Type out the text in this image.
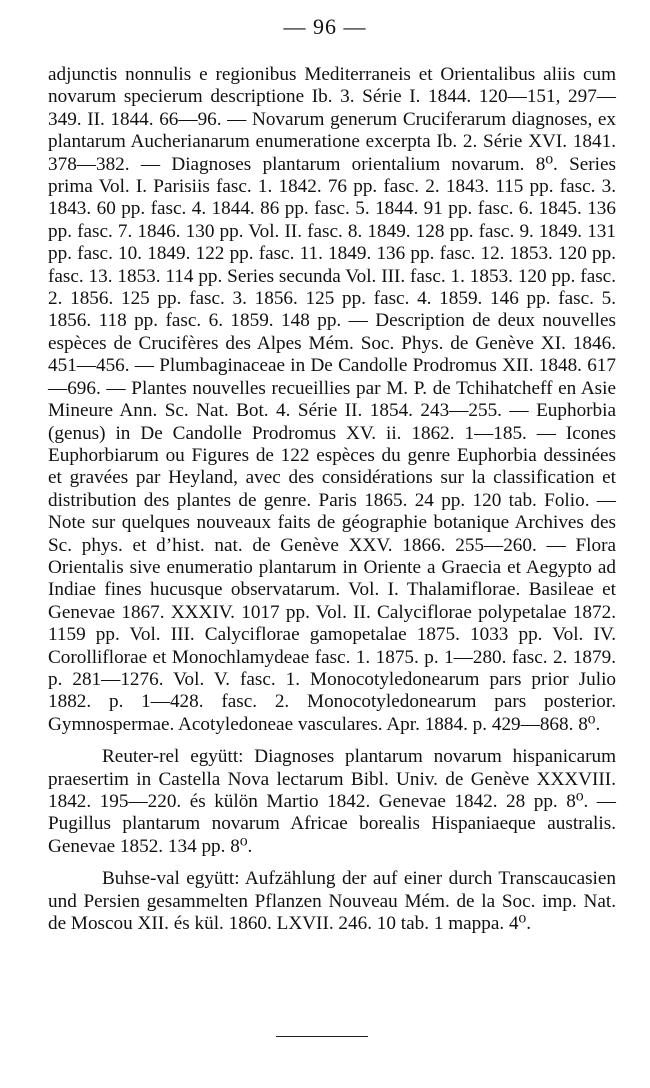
— 96 —

adjunctis nonnulis e regionibus Mediterraneis et Orientalibus aliis cum novarum specierum descriptione Ib. 3. Série I. 1844. 120—151, 297—349. II. 1844. 66—96. — Novarum generum Cruciferarum diagnoses, ex plantarum Aucherianarum enumeratione excerpta Ib. 2. Série XVI. 1841. 378—382. — Diagnoses plantarum orientalium novarum. 8⁰. Series prima Vol. I. Parisiis fasc. 1. 1842. 76 pp. fasc. 2. 1843. 115 pp. fasc. 3. 1843. 60 pp. fasc. 4. 1844. 86 pp. fasc. 5. 1844. 91 pp. fasc. 6. 1845. 136 pp. fasc. 7. 1846. 130 pp. Vol. II. fasc. 8. 1849. 128 pp. fasc. 9. 1849. 131 pp. fasc. 10. 1849. 122 pp. fasc. 11. 1849. 136 pp. fasc. 12. 1853. 120 pp. fasc. 13. 1853. 114 pp. Series secunda Vol. III. fasc. 1. 1853. 120 pp. fasc. 2. 1856. 125 pp. fasc. 3. 1856. 125 pp. fasc. 4. 1859. 146 pp. fasc. 5. 1856. 118 pp. fasc. 6. 1859. 148 pp. — Description de deux nouvelles espèces de Crucifères des Alpes Mém. Soc. Phys. de Genève XI. 1846. 451—456. — Plumbaginaceae in De Candolle Prodromus XII. 1848. 617—696. — Plantes nouvelles recueillies par M. P. de Tchihatcheff en Asie Mineure Ann. Sc. Nat. Bot. 4. Série II. 1854. 243—255. — Euphorbia (genus) in De Candolle Prodromus XV. ii. 1862. 1—185. — Icones Euphorbiarum ou Figures de 122 espèces du genre Euphorbia dessinées et gravées par Heyland, avec des considérations sur la classification et distribution des plantes de genre. Paris 1865. 24 pp. 120 tab. Folio. — Note sur quelques nouveaux faits de géographie botanique Archives des Sc. phys. et d’hist. nat. de Genève XXV. 1866. 255—260. — Flora Orientalis sive enumeratio plantarum in Oriente a Graecia et Aegypto ad Indiae fines hucusque observatarum. Vol. I. Thalamiflorae. Basileae et Genevae 1867. XXXIV. 1017 pp. Vol. II. Calyciflorae polypetalae 1872. 1159 pp. Vol. III. Calyciflorae gamopetalae 1875. 1033 pp. Vol. IV. Corolliflorae et Monochlamydeae fasc. 1. 1875. p. 1—280. fasc. 2. 1879. p. 281—1276. Vol. V. fasc. 1. Monocotyledonearum pars prior Julio 1882. p. 1—428. fasc. 2. Monocotyledonearum pars posterior. Gymnospermae. Acotyledoneae vasculares. Apr. 1884. p. 429—868. 8⁰.

Reuter-rel együtt: Diagnoses plantarum novarum hispanicarum praesertim in Castella Nova lectarum Bibl. Univ. de Genève XXXVIII. 1842. 195—220. és külön Martio 1842. Genevae 1842. 28 pp. 8⁰. — Pugillus plantarum novarum Africae borealis Hispaniaeque australis. Genevae 1852. 134 pp. 8⁰.

Buhse-val együtt: Aufzählung der auf einer durch Transcaucasien und Persien gesammelten Pflanzen Nouveau Mém. de la Soc. imp. Nat. de Moscou XII. és kül. 1860. LXVII. 246. 10 tab. 1 mappa. 4⁰.
